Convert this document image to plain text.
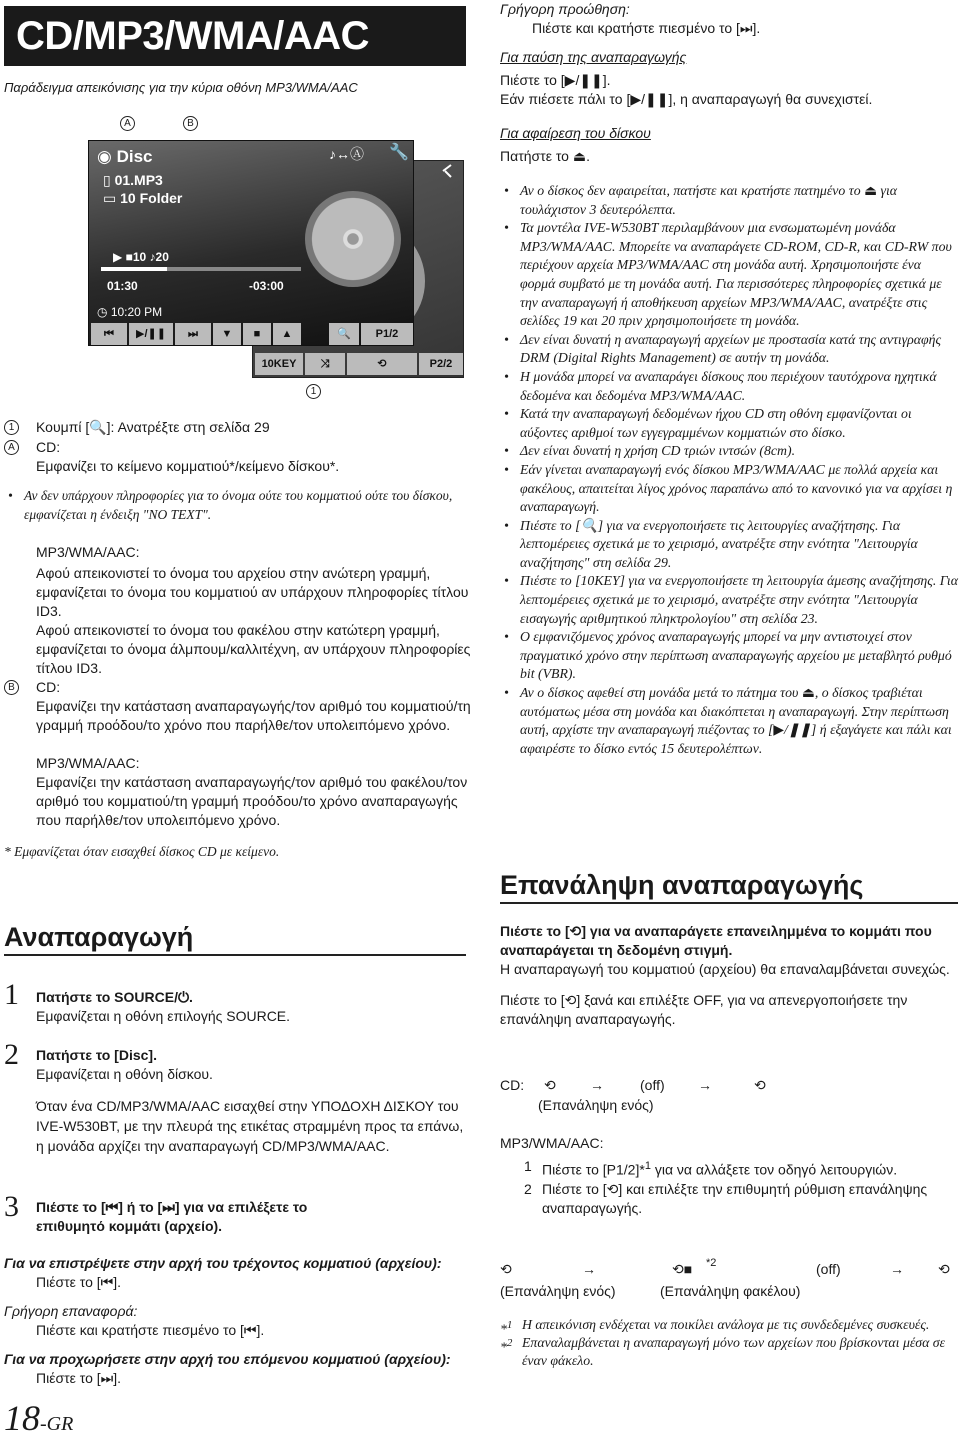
CD/MP3/WMA/AAC
Παράδειγμα απεικόνισης για την κύρια οθόνη MP3/WMA/AAC
A	B
10KEY	⤨	⟲	P2/2
◉ Disc	♪↔Ⓐ 🔧
▯ 01.MP3
▭ 10 Folder
▶ ■10 ♪20
01:30	-03:00
◷ 10:20 PM
⏮	▶/❚❚	⏭	▼	■	▲	🔍	P1/2
1
1	Κουμπί [🔍]: Ανατρέξτε στη σελίδα 29
A CD:
Εμφανίζει το κείμενο κομματιού*/κείμενο δίσκου*.
• Αν δεν υπάρχουν πληροφορίες για το όνομα ούτε του κομματιού ούτε του δίσκου, εμφανίζεται η ένδειξη "NO TEXT".
MP3/WMA/AAC:
Αφού απεικονιστεί το όνομα του αρχείου στην ανώτερη γραμμή, εμφανίζεται το όνομα του κομματιού αν υπάρχουν πληροφορίες τίτλου ID3.
Αφού απεικονιστεί το όνομα του φακέλου στην κατώτερη γραμμή, εμφανίζεται το όνομα άλμπουμ/καλλιτέχνη, αν υπάρχουν πληροφορίες τίτλου ID3.
B CD:
Εμφανίζει την κατάσταση αναπαραγωγής/τον αριθμό του κομματιού/τη γραμμή προόδου/το χρόνο που παρήλθε/τον υπολειπόμενο χρόνο.
MP3/WMA/AAC:
Εμφανίζει την κατάσταση αναπαραγωγής/τον αριθμό του φακέλου/τον αριθμό του κομματιού/τη γραμμή προόδου/το χρόνο αναπαραγωγής που παρήλθε/τον υπολειπόμενο χρόνο.
* Εμφανίζεται όταν εισαχθεί δίσκος CD με κείμενο.
Αναπαραγωγή
1 Πατήστε το SOURCE/⏻.
Εμφανίζεται η οθόνη επιλογής SOURCE.
2 Πατήστε το [Disc].
Εμφανίζεται η οθόνη δίσκου.
Όταν ένα CD/MP3/WMA/AAC εισαχθεί στην ΥΠΟΔΟΧΗ ΔΙΣΚΟΥ του IVE-W530BT, με την πλευρά της ετικέτας στραμμένη προς τα επάνω, η μονάδα αρχίζει την αναπαραγωγή CD/MP3/WMA/AAC.
3 Πιέστε το [⏮] ή το [⏭] για να επιλέξετε το
επιθυμητό κομμάτι (αρχείο).
Για να επιστρέψετε στην αρχή του τρέχοντος κομματιού (αρχείου):
Πιέστε το [⏮].
Γρήγορη επαναφορά:
Πιέστε και κρατήστε πιεσμένο το [⏮].
Για να προχωρήσετε στην αρχή του επόμενου κομματιού (αρχείου):
Πιέστε το [⏭].
18-GR
Γρήγορη προώθηση:
Πιέστε και κρατήστε πιεσμένο το [⏭].
Για παύση της αναπαραγωγής
Πιέστε το [▶/❚❚].
Εάν πιέσετε πάλι το [▶/❚❚], η αναπαραγωγή θα συνεχιστεί.
Για αφαίρεση του δίσκου
Πατήστε το ⏏.
• Αν ο δίσκος δεν αφαιρείται, πατήστε και κρατήστε πατημένο το ⏏ για τουλάχιστον 3 δευτερόλεπτα.
• Τα μοντέλα IVE-W530BT περιλαμβάνουν μια ενσωματωμένη μονάδα MP3/WMA/AAC. Μπορείτε να αναπαράγετε CD-ROM, CD-R, και CD-RW που περιέχουν αρχεία MP3/WMA/AAC στη μονάδα αυτή. Χρησιμοποιήστε ένα φορμά συμβατό με τη μονάδα αυτή. Για περισσότερες πληροφορίες σχετικά με την αναπαραγωγή ή αποθήκευση αρχείων MP3/WMA/AAC, ανατρέξτε στις σελίδες 19 και 20 πριν χρησιμοποιήσετε τη μονάδα.
• Δεν είναι δυνατή η αναπαραγωγή αρχείων με προστασία κατά της αντιγραφής DRM (Digital Rights Management) σε αυτήν τη μονάδα.
• Η μονάδα μπορεί να αναπαράγει δίσκους που περιέχουν ταυτόχρονα ηχητικά δεδομένα και δεδομένα MP3/WMA/AAC.
• Κατά την αναπαραγωγή δεδομένων ήχου CD στη οθόνη εμφανίζονται οι αύξοντες αριθμοί των εγγεγραμμένων κομματιών στο δίσκο.
• Δεν είναι δυνατή η χρήση CD τριών ιντσών (8cm).
• Εάν γίνεται αναπαραγωγή ενός δίσκου MP3/WMA/AAC με πολλά αρχεία και φακέλους, απαιτείται λίγος χρόνος παραπάνω από το κανονικό για να αρχίσει η αναπαραγωγή.
• Πιέστε το [🔍] για να ενεργοποιήσετε τις λειτουργίες αναζήτησης. Για λεπτομέρειες σχετικά με το χειρισμό, ανατρέξτε στην ενότητα "Λειτουργία αναζήτησης" στη σελίδα 29.
• Πιέστε το [10KEY] για να ενεργοποιήσετε τη λειτουργία άμεσης αναζήτησης. Για λεπτομέρειες σχετικά με το χειρισμό, ανατρέξτε στην ενότητα "Λειτουργία εισαγωγής αριθμητικού πληκτρολογίου" στη σελίδα 23.
• Ο εμφανιζόμενος χρόνος αναπαραγωγής μπορεί να μην αντιστοιχεί στον πραγματικό χρόνο στην περίπτωση αναπαραγωγής αρχείου με μεταβλητό ρυθμό bit (VBR).
• Αν ο δίσκος αφεθεί στη μονάδα μετά το πάτημα του ⏏, ο δίσκος τραβιέται αυτόματως μέσα στη μονάδα και διακόπτεται η αναπαραγωγή. Στην περίπτωση αυτή, αρχίστε την αναπαραγωγή πιέζοντας το [▶/❚❚] ή εξαγάγετε και πάλι και αφαιρέστε το δίσκο εντός 15 δευτερολέπτων.
Επανάληψη αναπαραγωγής
Πιέστε το [⟲] για να αναπαράγετε επανειλημμένα το κομμάτι που αναπαράγεται τη δεδομένη στιγμή.
Η αναπαραγωγή του κομματιού (αρχείου) θα επαναλαμβάνεται συνεχώς.
Πιέστε το [⟲] ξανά και επιλέξτε OFF, για να απενεργοποιήσετε την επανάληψη αναπαραγωγής.
CD: ⟲ →	(off) →	⟲
(Επανάληψη ενός)
MP3/WMA/AAC:
1 Πιέστε το [P1/2]*$^1$ για να αλλάξετε τον οδηγό λειτουργιών.
2 Πιέστε το [⟲] και επιλέξτε την επιθυμητή ρύθμιση επανάληψης αναπαραγωγής.
⟲	→	⟲■ *2	(off)	→ ⟲
(Επανάληψη ενός)	(Επανάληψη φακέλου)
*$^1$ Η απεικόνιση ενδέχεται να ποικίλει ανάλογα με τις συνδεδεμένες συσκευές.
*$^2$ Επαναλαμβάνεται η αναπαραγωγή μόνο των αρχείων που βρίσκονται μέσα σε έναν φάκελο.
